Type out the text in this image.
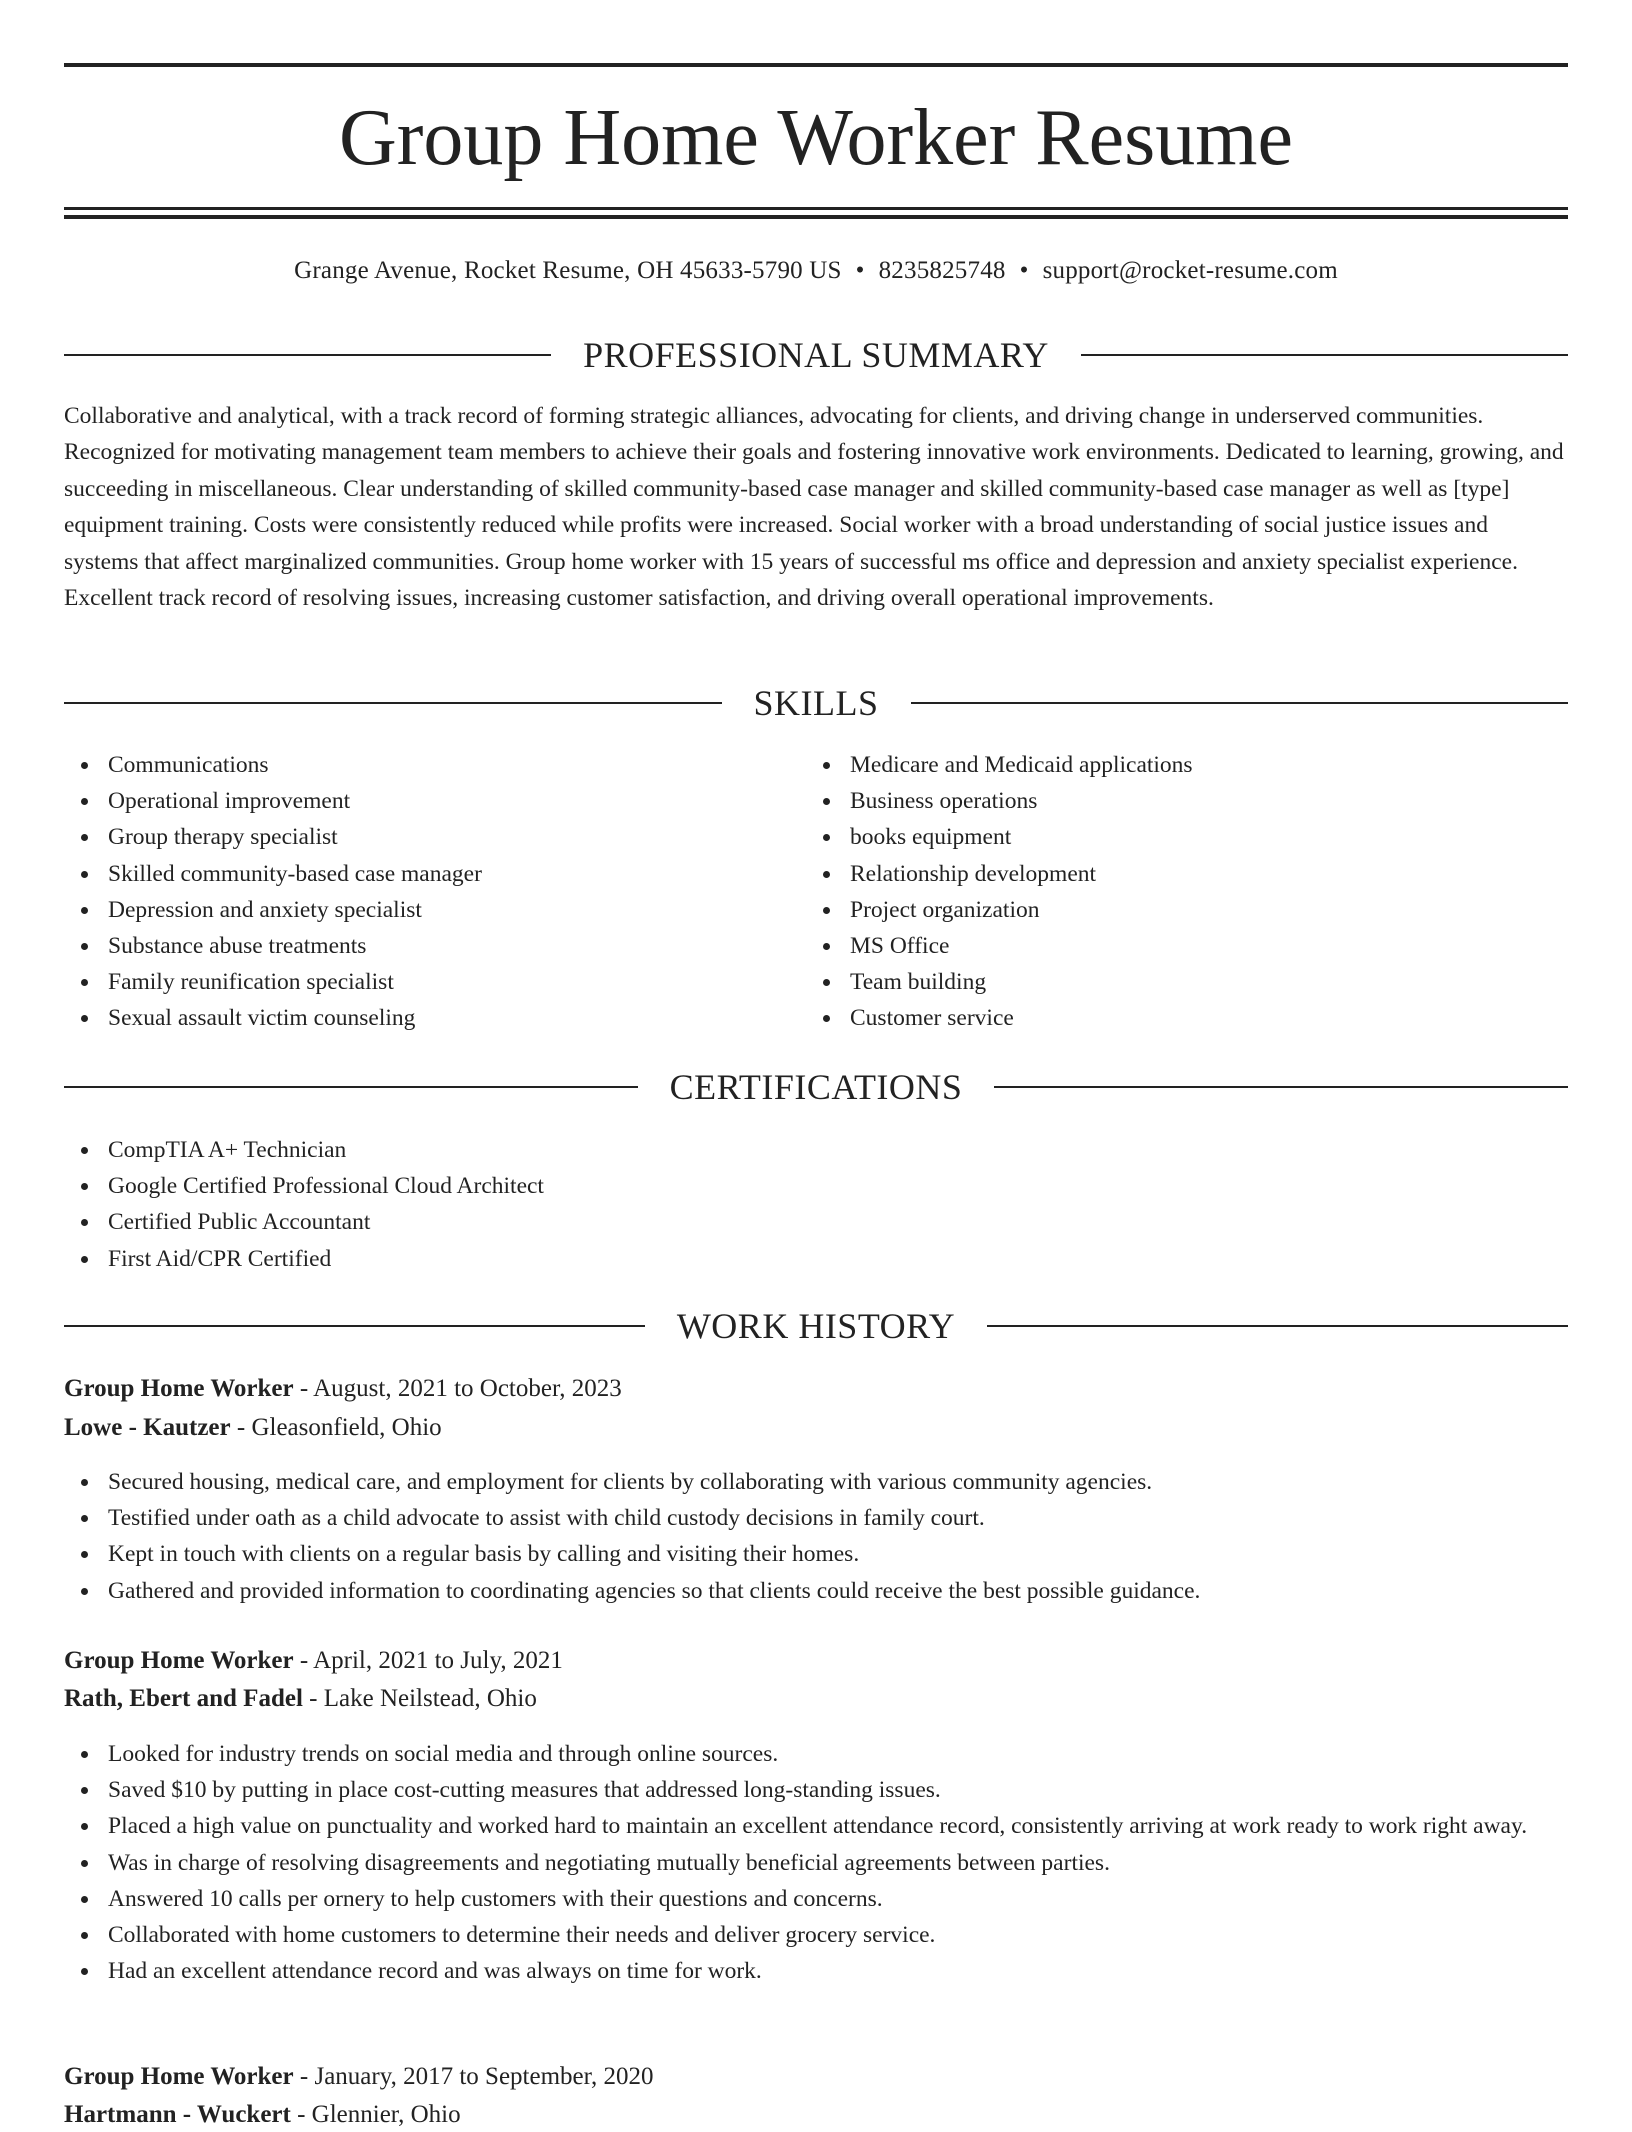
Group Home Worker Resume
Grange Avenue, Rocket Resume, OH 45633-5790 US • 8235825748 • support@rocket-resume.com
PROFESSIONAL SUMMARY
Collaborative and analytical, with a track record of forming strategic alliances, advocating for clients, and driving change in underserved communities. Recognized for motivating management team members to achieve their goals and fostering innovative work environments. Dedicated to learning, growing, and succeeding in miscellaneous. Clear understanding of skilled community-based case manager and skilled community-based case manager as well as [type] equipment training. Costs were consistently reduced while profits were increased. Social worker with a broad understanding of social justice issues and systems that affect marginalized communities. Group home worker with 15 years of successful ms office and depression and anxiety specialist experience. Excellent track record of resolving issues, increasing customer satisfaction, and driving overall operational improvements.
SKILLS
Communications
Operational improvement
Group therapy specialist
Skilled community-based case manager
Depression and anxiety specialist
Substance abuse treatments
Family reunification specialist
Sexual assault victim counseling
Medicare and Medicaid applications
Business operations
books equipment
Relationship development
Project organization
MS Office
Team building
Customer service
CERTIFICATIONS
CompTIA A+ Technician
Google Certified Professional Cloud Architect
Certified Public Accountant
First Aid/CPR Certified
WORK HISTORY
Group Home Worker - August, 2021 to October, 2023
Lowe - Kautzer - Gleasonfield, Ohio
Secured housing, medical care, and employment for clients by collaborating with various community agencies.
Testified under oath as a child advocate to assist with child custody decisions in family court.
Kept in touch with clients on a regular basis by calling and visiting their homes.
Gathered and provided information to coordinating agencies so that clients could receive the best possible guidance.
Group Home Worker - April, 2021 to July, 2021
Rath, Ebert and Fadel - Lake Neilstead, Ohio
Looked for industry trends on social media and through online sources.
Saved $10 by putting in place cost-cutting measures that addressed long-standing issues.
Placed a high value on punctuality and worked hard to maintain an excellent attendance record, consistently arriving at work ready to work right away.
Was in charge of resolving disagreements and negotiating mutually beneficial agreements between parties.
Answered 10 calls per ornery to help customers with their questions and concerns.
Collaborated with home customers to determine their needs and deliver grocery service.
Had an excellent attendance record and was always on time for work.
Group Home Worker - January, 2017 to September, 2020
Hartmann - Wuckert - Glennier, Ohio
